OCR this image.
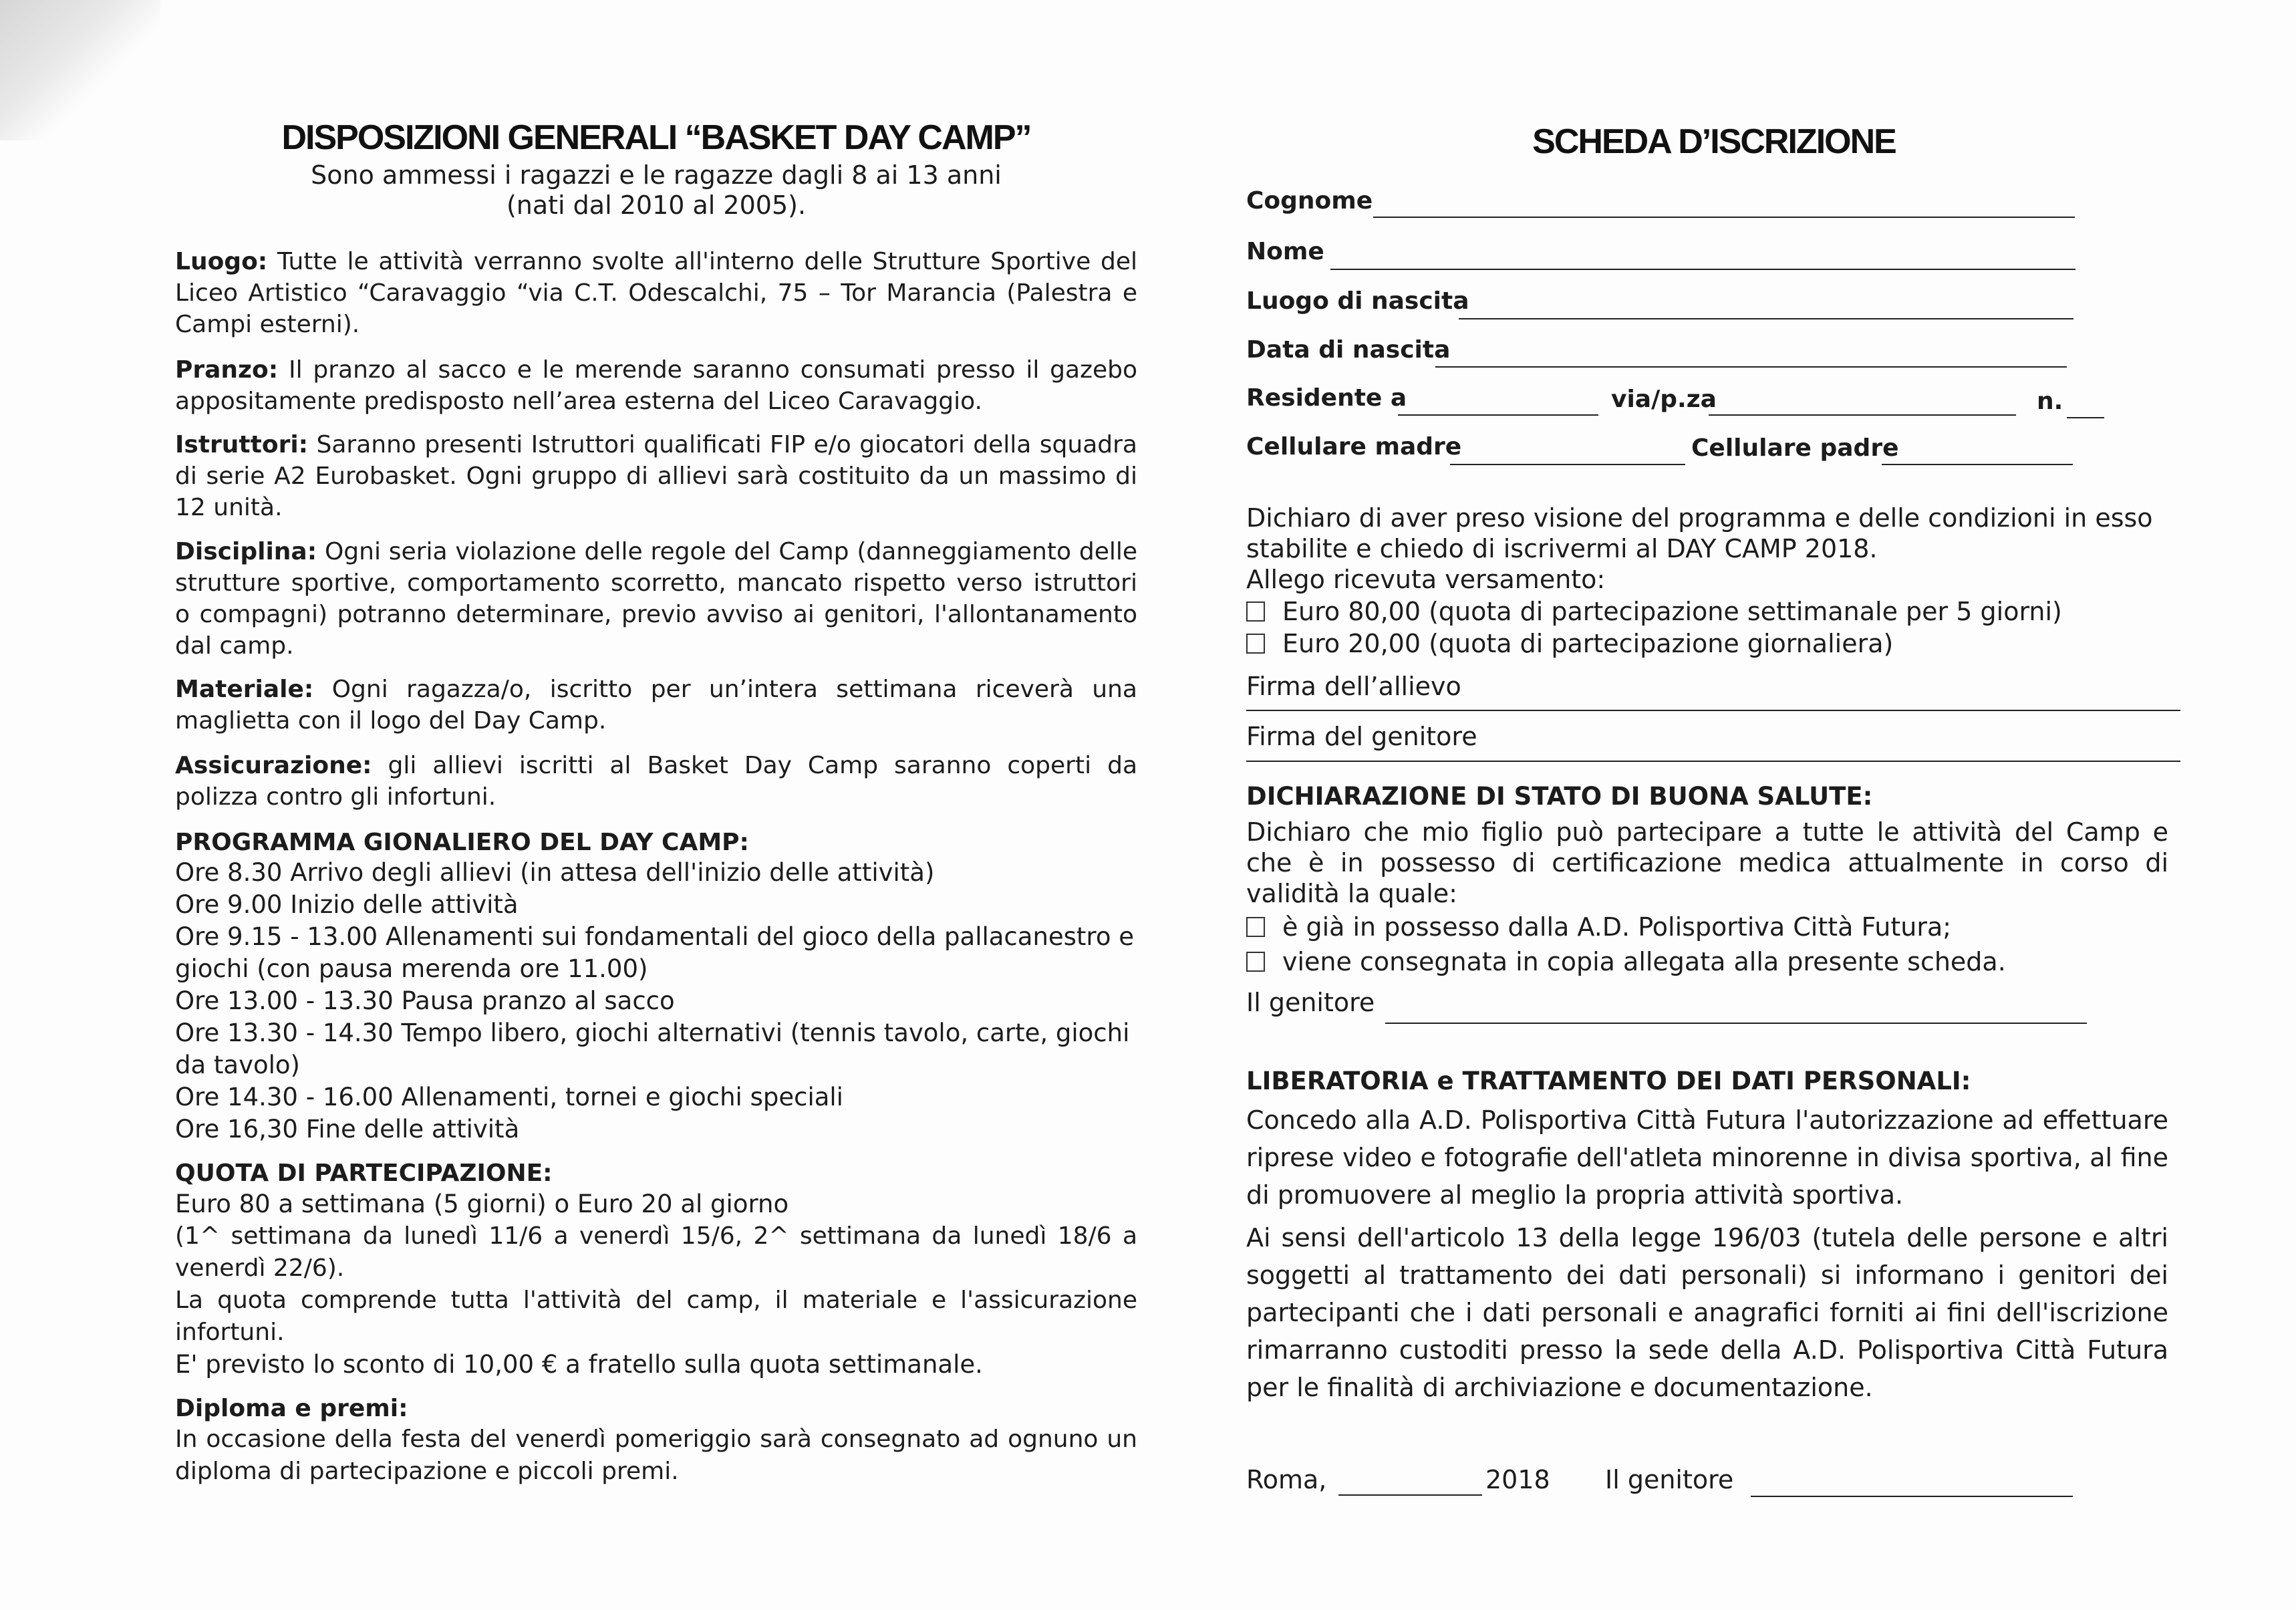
DISPOSIZIONI GENERALI “BASKET DAY CAMP”
Sono ammessi i ragazzi e le ragazze dagli 8 ai 13 anni
(nati dal 2010 al 2005).
Luogo: Tutte le attività verranno svolte all'interno delle Strutture Sportive del Liceo Artistico “Caravaggio “via C.T. Odescalchi, 75 – Tor Marancia (Palestra e Campi esterni).
Pranzo: Il pranzo al sacco e le merende saranno consumati presso il gazebo appositamente predisposto nell’area esterna del Liceo Caravaggio.
Istruttori: Saranno presenti Istruttori qualificati FIP e/o giocatori della squadra di serie A2 Eurobasket. Ogni gruppo di allievi sarà costituito da un massimo di 12 unità.
Disciplina: Ogni seria violazione delle regole del Camp (danneggiamento delle strutture sportive, comportamento scorretto, mancato rispetto verso istruttori o compagni) potranno determinare, previo avviso ai genitori, l'allontanamento dal camp.
Materiale: Ogni ragazza/o, iscritto per un’intera settimana riceverà una maglietta con il logo del Day Camp.
Assicurazione: gli allievi iscritti al Basket Day Camp saranno coperti da polizza contro gli infortuni.
PROGRAMMA GIONALIERO DEL DAY CAMP:
Ore 8.30 Arrivo degli allievi (in attesa dell'inizio delle attività)
Ore 9.00 Inizio delle attività
Ore 9.15 - 13.00 Allenamenti sui fondamentali del gioco della pallacanestro e giochi (con pausa merenda ore 11.00)
Ore 13.00 - 13.30 Pausa pranzo al sacco
Ore 13.30 - 14.30 Tempo libero, giochi alternativi (tennis tavolo, carte, giochi da tavolo)
Ore 14.30 - 16.00 Allenamenti, tornei e giochi speciali
Ore 16,30 Fine delle attività
QUOTA DI PARTECIPAZIONE:
Euro 80 a settimana (5 giorni) o Euro 20 al giorno
(1^ settimana da lunedì 11/6 a venerdì 15/6, 2^ settimana da lunedì 18/6 a venerdì 22/6).
La quota comprende tutta l'attività del camp, il materiale e l'assicurazione infortuni.
E' previsto lo sconto di 10,00 € a fratello sulla quota settimanale.
Diploma e premi:
In occasione della festa del venerdì pomeriggio sarà consegnato ad ognuno un diploma di partecipazione e piccoli premi.
SCHEDA D’ISCRIZIONE
Cognome
Nome
Luogo di nascita
Data di nascita
Residente a	via/p.za	n.
Cellulare madre	Cellulare padre
Dichiaro di aver preso visione del programma e delle condizioni in esso
stabilite e chiedo di iscrivermi al DAY CAMP 2018.
Allego ricevuta versamento:
Euro 80,00 (quota di partecipazione settimanale per 5 giorni)
Euro 20,00 (quota di partecipazione giornaliera)
Firma dell’allievo
Firma del genitore
DICHIARAZIONE DI STATO DI BUONA SALUTE:
Dichiaro che mio figlio può partecipare a tutte le attività del Camp e che è in possesso di certificazione medica attualmente in corso di validità la quale:
è già in possesso dalla A.D. Polisportiva Città Futura;
viene consegnata in copia allegata alla presente scheda.
Il genitore
LIBERATORIA e TRATTAMENTO DEI DATI PERSONALI:
Concedo alla A.D. Polisportiva Città Futura l'autorizzazione ad effettuare riprese video e fotografie dell'atleta minorenne in divisa sportiva, al fine di promuovere al meglio la propria attività sportiva.
Ai sensi dell'articolo 13 della legge 196/03 (tutela delle persone e altri soggetti al trattamento dei dati personali) si informano i genitori dei partecipanti che i dati personali e anagrafici forniti ai fini dell'iscrizione rimarranno custoditi presso la sede della A.D. Polisportiva Città Futura per le finalità di archiviazione e documentazione.
Roma,	2018 Il genitore
